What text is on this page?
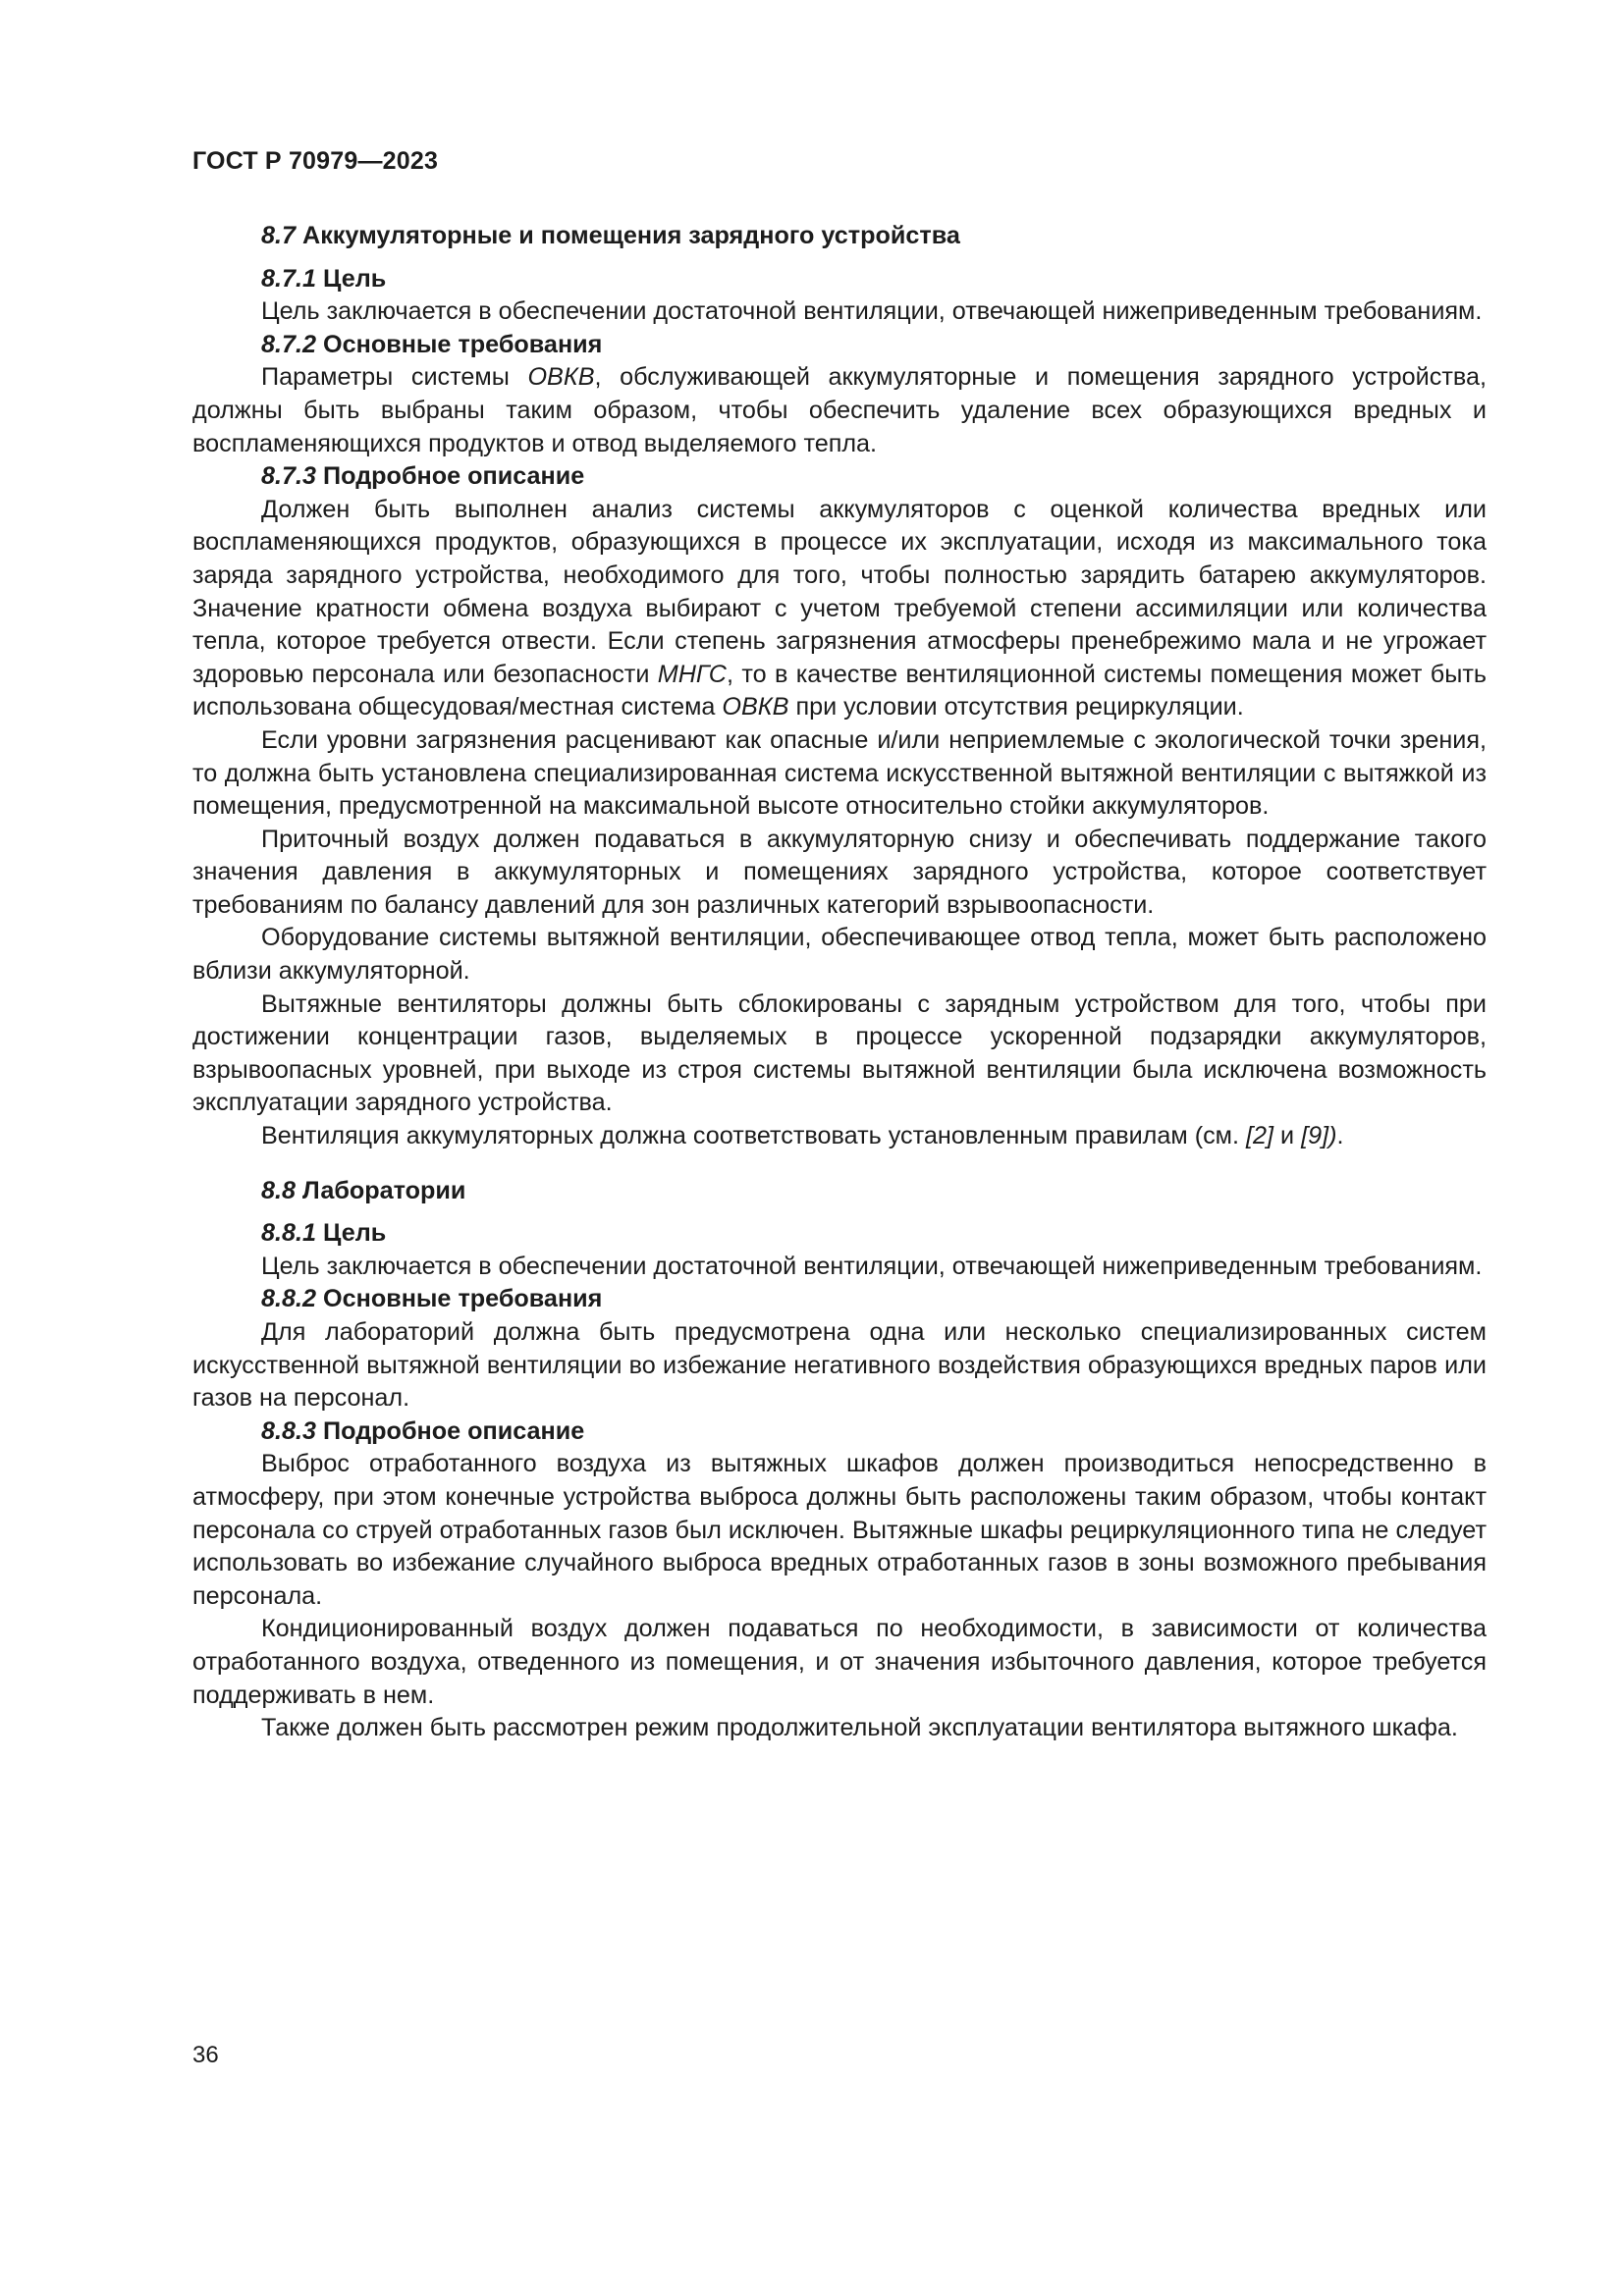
ГОСТ Р 70979—2023
8.7 Аккумуляторные и помещения зарядного устройства
8.7.1 Цель

Цель заключается в обеспечении достаточной вентиляции, отвечающей нижеприведенным требованиям.

8.7.2 Основные требования

Параметры системы ОВКВ, обслуживающей аккумуляторные и помещения зарядного устройства, должны быть выбраны таким образом, чтобы обеспечить удаление всех образующихся вредных и воспламеняющихся продуктов и отвод выделяемого тепла.

8.7.3 Подробное описание

Должен быть выполнен анализ системы аккумуляторов с оценкой количества вредных или воспламеняющихся продуктов, образующихся в процессе их эксплуатации, исходя из максимального тока заряда зарядного устройства, необходимого для того, чтобы полностью зарядить батарею аккумуляторов. Значение кратности обмена воздуха выбирают с учетом требуемой степени ассимиляции или количества тепла, которое требуется отвести. Если степень загрязнения атмосферы пренебрежимо мала и не угрожает здоровью персонала или безопасности МНГС, то в качестве вентиляционной системы помещения может быть использована общесудовая/местная система ОВКВ при условии отсутствия рециркуляции.

Если уровни загрязнения расценивают как опасные и/или неприемлемые с экологической точки зрения, то должна быть установлена специализированная система искусственной вытяжной вентиляции с вытяжкой из помещения, предусмотренной на максимальной высоте относительно стойки аккумуляторов.

Приточный воздух должен подаваться в аккумуляторную снизу и обеспечивать поддержание такого значения давления в аккумуляторных и помещениях зарядного устройства, которое соответствует требованиям по балансу давлений для зон различных категорий взрывоопасности.

Оборудование системы вытяжной вентиляции, обеспечивающее отвод тепла, может быть расположено вблизи аккумуляторной.

Вытяжные вентиляторы должны быть сблокированы с зарядным устройством для того, чтобы при достижении концентрации газов, выделяемых в процессе ускоренной подзарядки аккумуляторов, взрывоопасных уровней, при выходе из строя системы вытяжной вентиляции была исключена возможность эксплуатации зарядного устройства.

Вентиляция аккумуляторных должна соответствовать установленным правилам (см. [2] и [9]).

8.8 Лаборатории
8.8.1 Цель

Цель заключается в обеспечении достаточной вентиляции, отвечающей нижеприведенным требованиям.

8.8.2 Основные требования

Для лабораторий должна быть предусмотрена одна или несколько специализированных систем искусственной вытяжной вентиляции во избежание негативного воздействия образующихся вредных паров или газов на персонал.

8.8.3 Подробное описание

Выброс отработанного воздуха из вытяжных шкафов должен производиться непосредственно в атмосферу, при этом конечные устройства выброса должны быть расположены таким образом, чтобы контакт персонала со струей отработанных газов был исключен. Вытяжные шкафы рециркуляционного типа не следует использовать во избежание случайного выброса вредных отработанных газов в зоны возможного пребывания персонала.

Кондиционированный воздух должен подаваться по необходимости, в зависимости от количества отработанного воздуха, отведенного из помещения, и от значения избыточного давления, которое требуется поддерживать в нем.

Также должен быть рассмотрен режим продолжительной эксплуатации вентилятора вытяжного шкафа.

36
